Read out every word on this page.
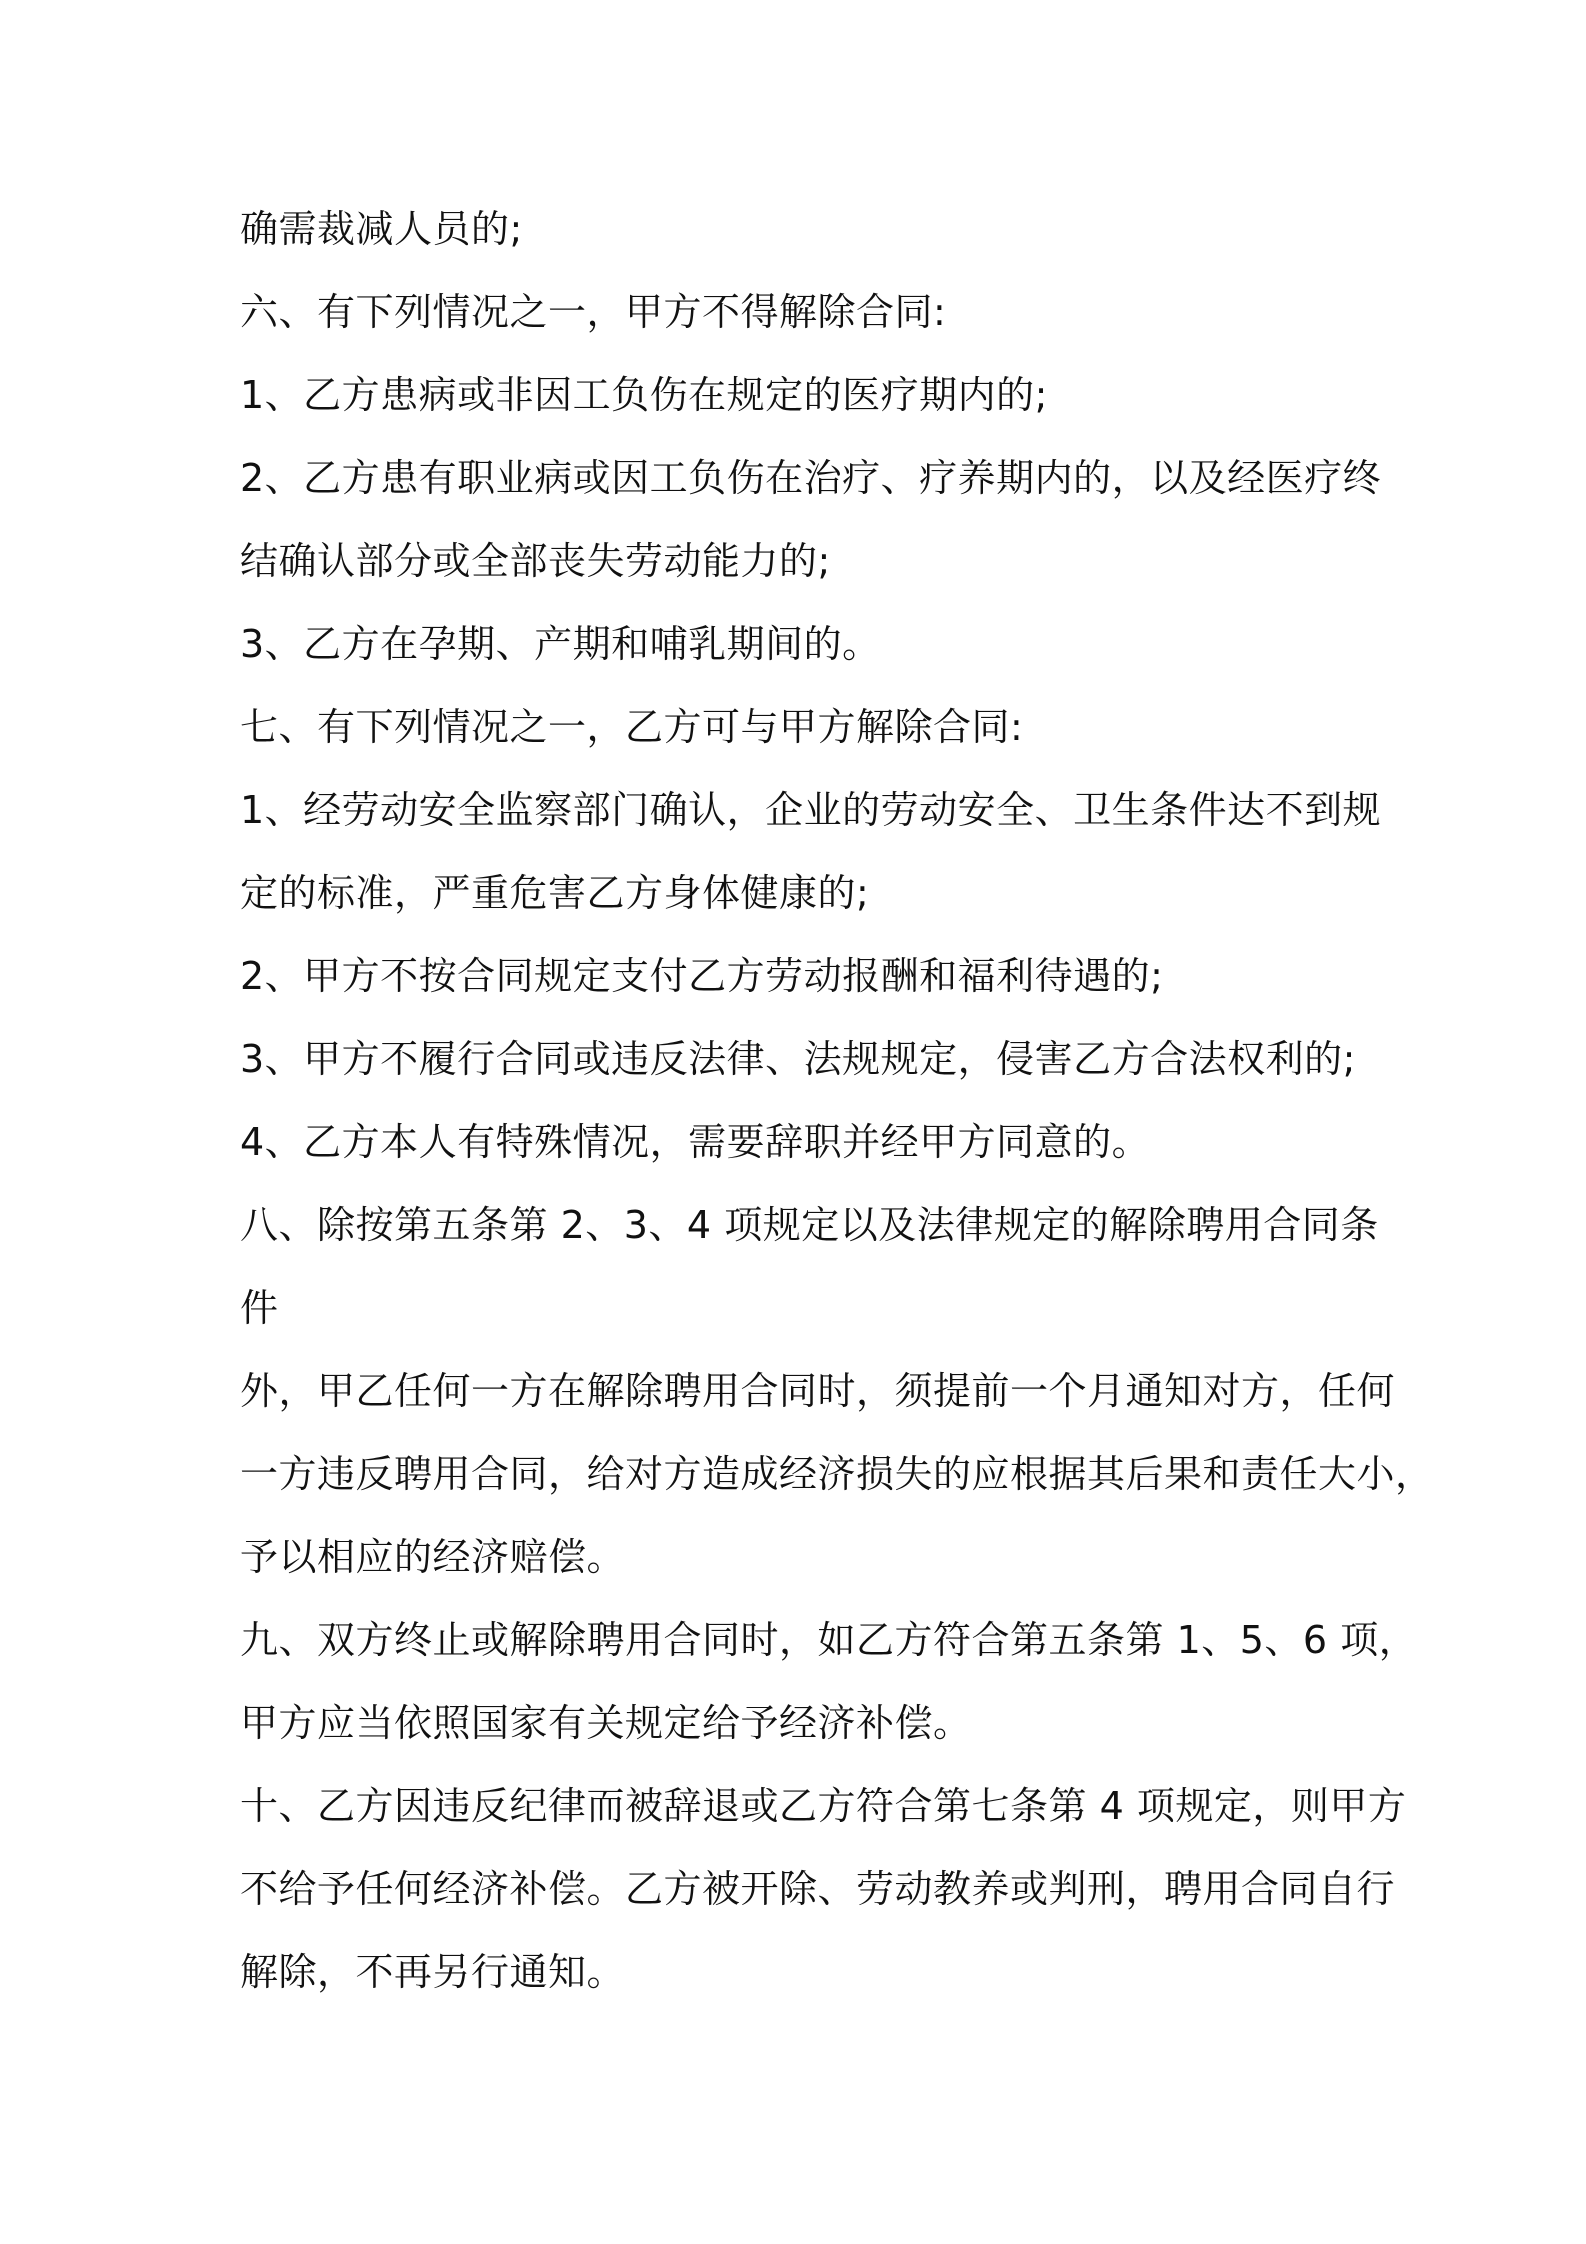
确需裁减人员的;
六、有下列情况之一，甲方不得解除合同:
1、乙方患病或非因工负伤在规定的医疗期内的;
2、乙方患有职业病或因工负伤在治疗、疗养期内的，以及经医疗终
结确认部分或全部丧失劳动能力的;
3、乙方在孕期、产期和哺乳期间的。
七、有下列情况之一，乙方可与甲方解除合同:
1、经劳动安全监察部门确认，企业的劳动安全、卫生条件达不到规
定的标准，严重危害乙方身体健康的;
2、甲方不按合同规定支付乙方劳动报酬和福利待遇的;
3、甲方不履行合同或违反法律、法规规定，侵害乙方合法权利的;
4、乙方本人有特殊情况，需要辞职并经甲方同意的。
八、除按第五条第 2、3、4 项规定以及法律规定的解除聘用合同条
件
外，甲乙任何一方在解除聘用合同时，须提前一个月通知对方，任何
一方违反聘用合同，给对方造成经济损失的应根据其后果和责任大小，
予以相应的经济赔偿。
九、双方终止或解除聘用合同时，如乙方符合第五条第 1、5、6 项，
甲方应当依照国家有关规定给予经济补偿。
十、乙方因违反纪律而被辞退或乙方符合第七条第 4 项规定，则甲方
不给予任何经济补偿。乙方被开除、劳动教养或判刑，聘用合同自行
解除，不再另行通知。
